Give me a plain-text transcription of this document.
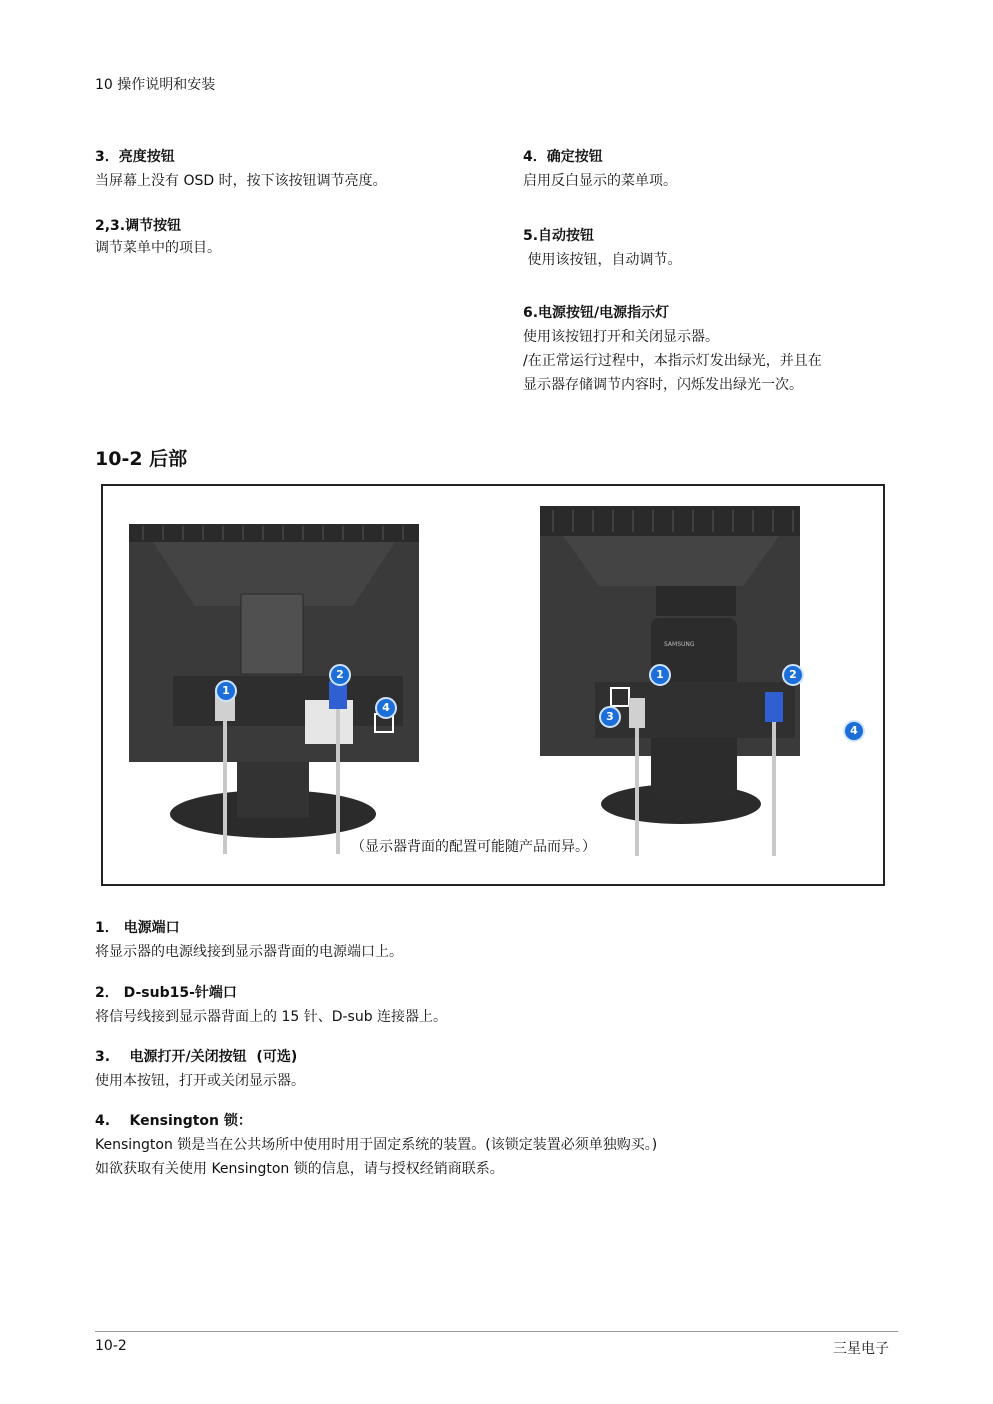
10 操作说明和安装
3．亮度按钮
当屏幕上没有 OSD 时，按下该按钮调节亮度。
2,3.调节按钮
调节菜单中的项目。
4．确定按钮
启用反白显示的菜单项。
5.自动按钮
使用该按钮，自动调节。
6.电源按钮/电源指示灯
使用该按钮打开和关闭显示器。
/在正常运行过程中，本指示灯发出绿光，并且在
显示器存储调节内容时，闪烁发出绿光一次。
10-2 后部
SAMSUNG
1
2
4
1	2
3
4
（显示器背面的配置可能随产品而异。）
1． 电源端口
将显示器的电源线接到显示器背面的电源端口上。
2． D-sub15-针端口
将信号线接到显示器背面上的 15 针、D-sub 连接器上。
3.    电源打开/关闭按钮  (可选)
使用本按钮，打开或关闭显示器。
4.    Kensington 锁：
Kensington 锁是当在公共场所中使用时用于固定系统的装置。(该锁定装置必须单独购买。)
如欲获取有关使用 Kensington 锁的信息，请与授权经销商联系。
10-2	三星电子
